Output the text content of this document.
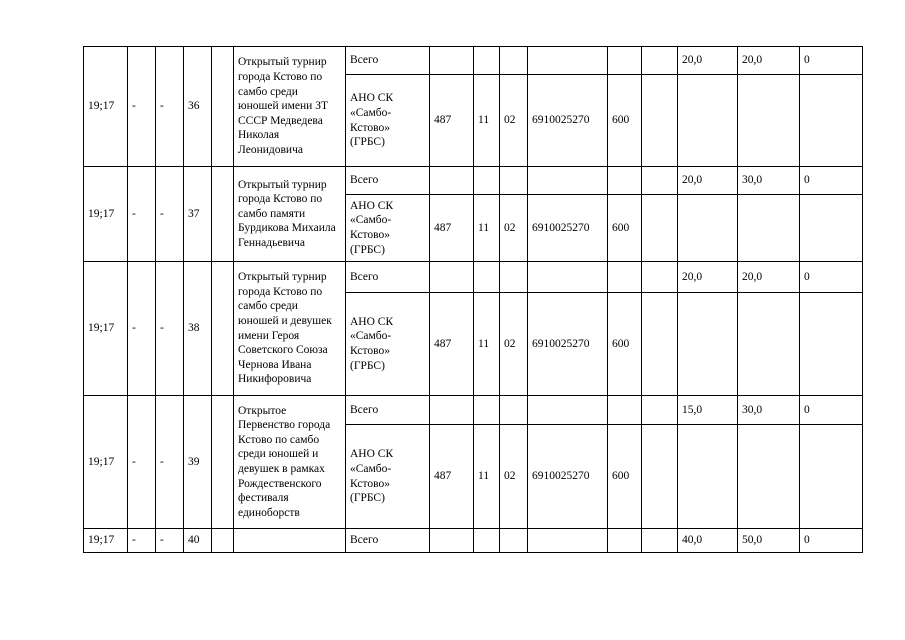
19;17	-	-	36		Открытый турнир города Кстово по самбо среди юношей имени ЗТ СССР Медведева Николая Леонидовича	Всего							20,0	20,0	0

						АНО СК
«Самбо-
Кстово»
(ГРБС)	487	11	02	6910025270	600				
19;17	-	-	37		Открытый турнир города Кстово по самбо памяти Бурдикова Михаила Геннадьевича	Всего							20,0	30,0	0

						АНО СК
«Самбо-
Кстово»
(ГРБС)	487	11	02	6910025270	600				
19;17	-	-	38		Открытый турнир города Кстово по самбо среди юношей и девушек имени Героя Советского Союза Чернова Ивана Никифоровича	Всего							20,0	20,0	0

						АНО СК
«Самбо-
Кстово»
(ГРБС)	487	11	02	6910025270	600				
19;17	-	-	39		Открытое Первенство города Кстово по самбо среди юношей и девушек в рамках Рождественского фестиваля единоборств	Всего							15,0	30,0	0

						АНО СК
«Самбо-
Кстово»
(ГРБС)	487	11	02	6910025270	600				
19;17	-	-	40			Всего							40,0	50,0	0
